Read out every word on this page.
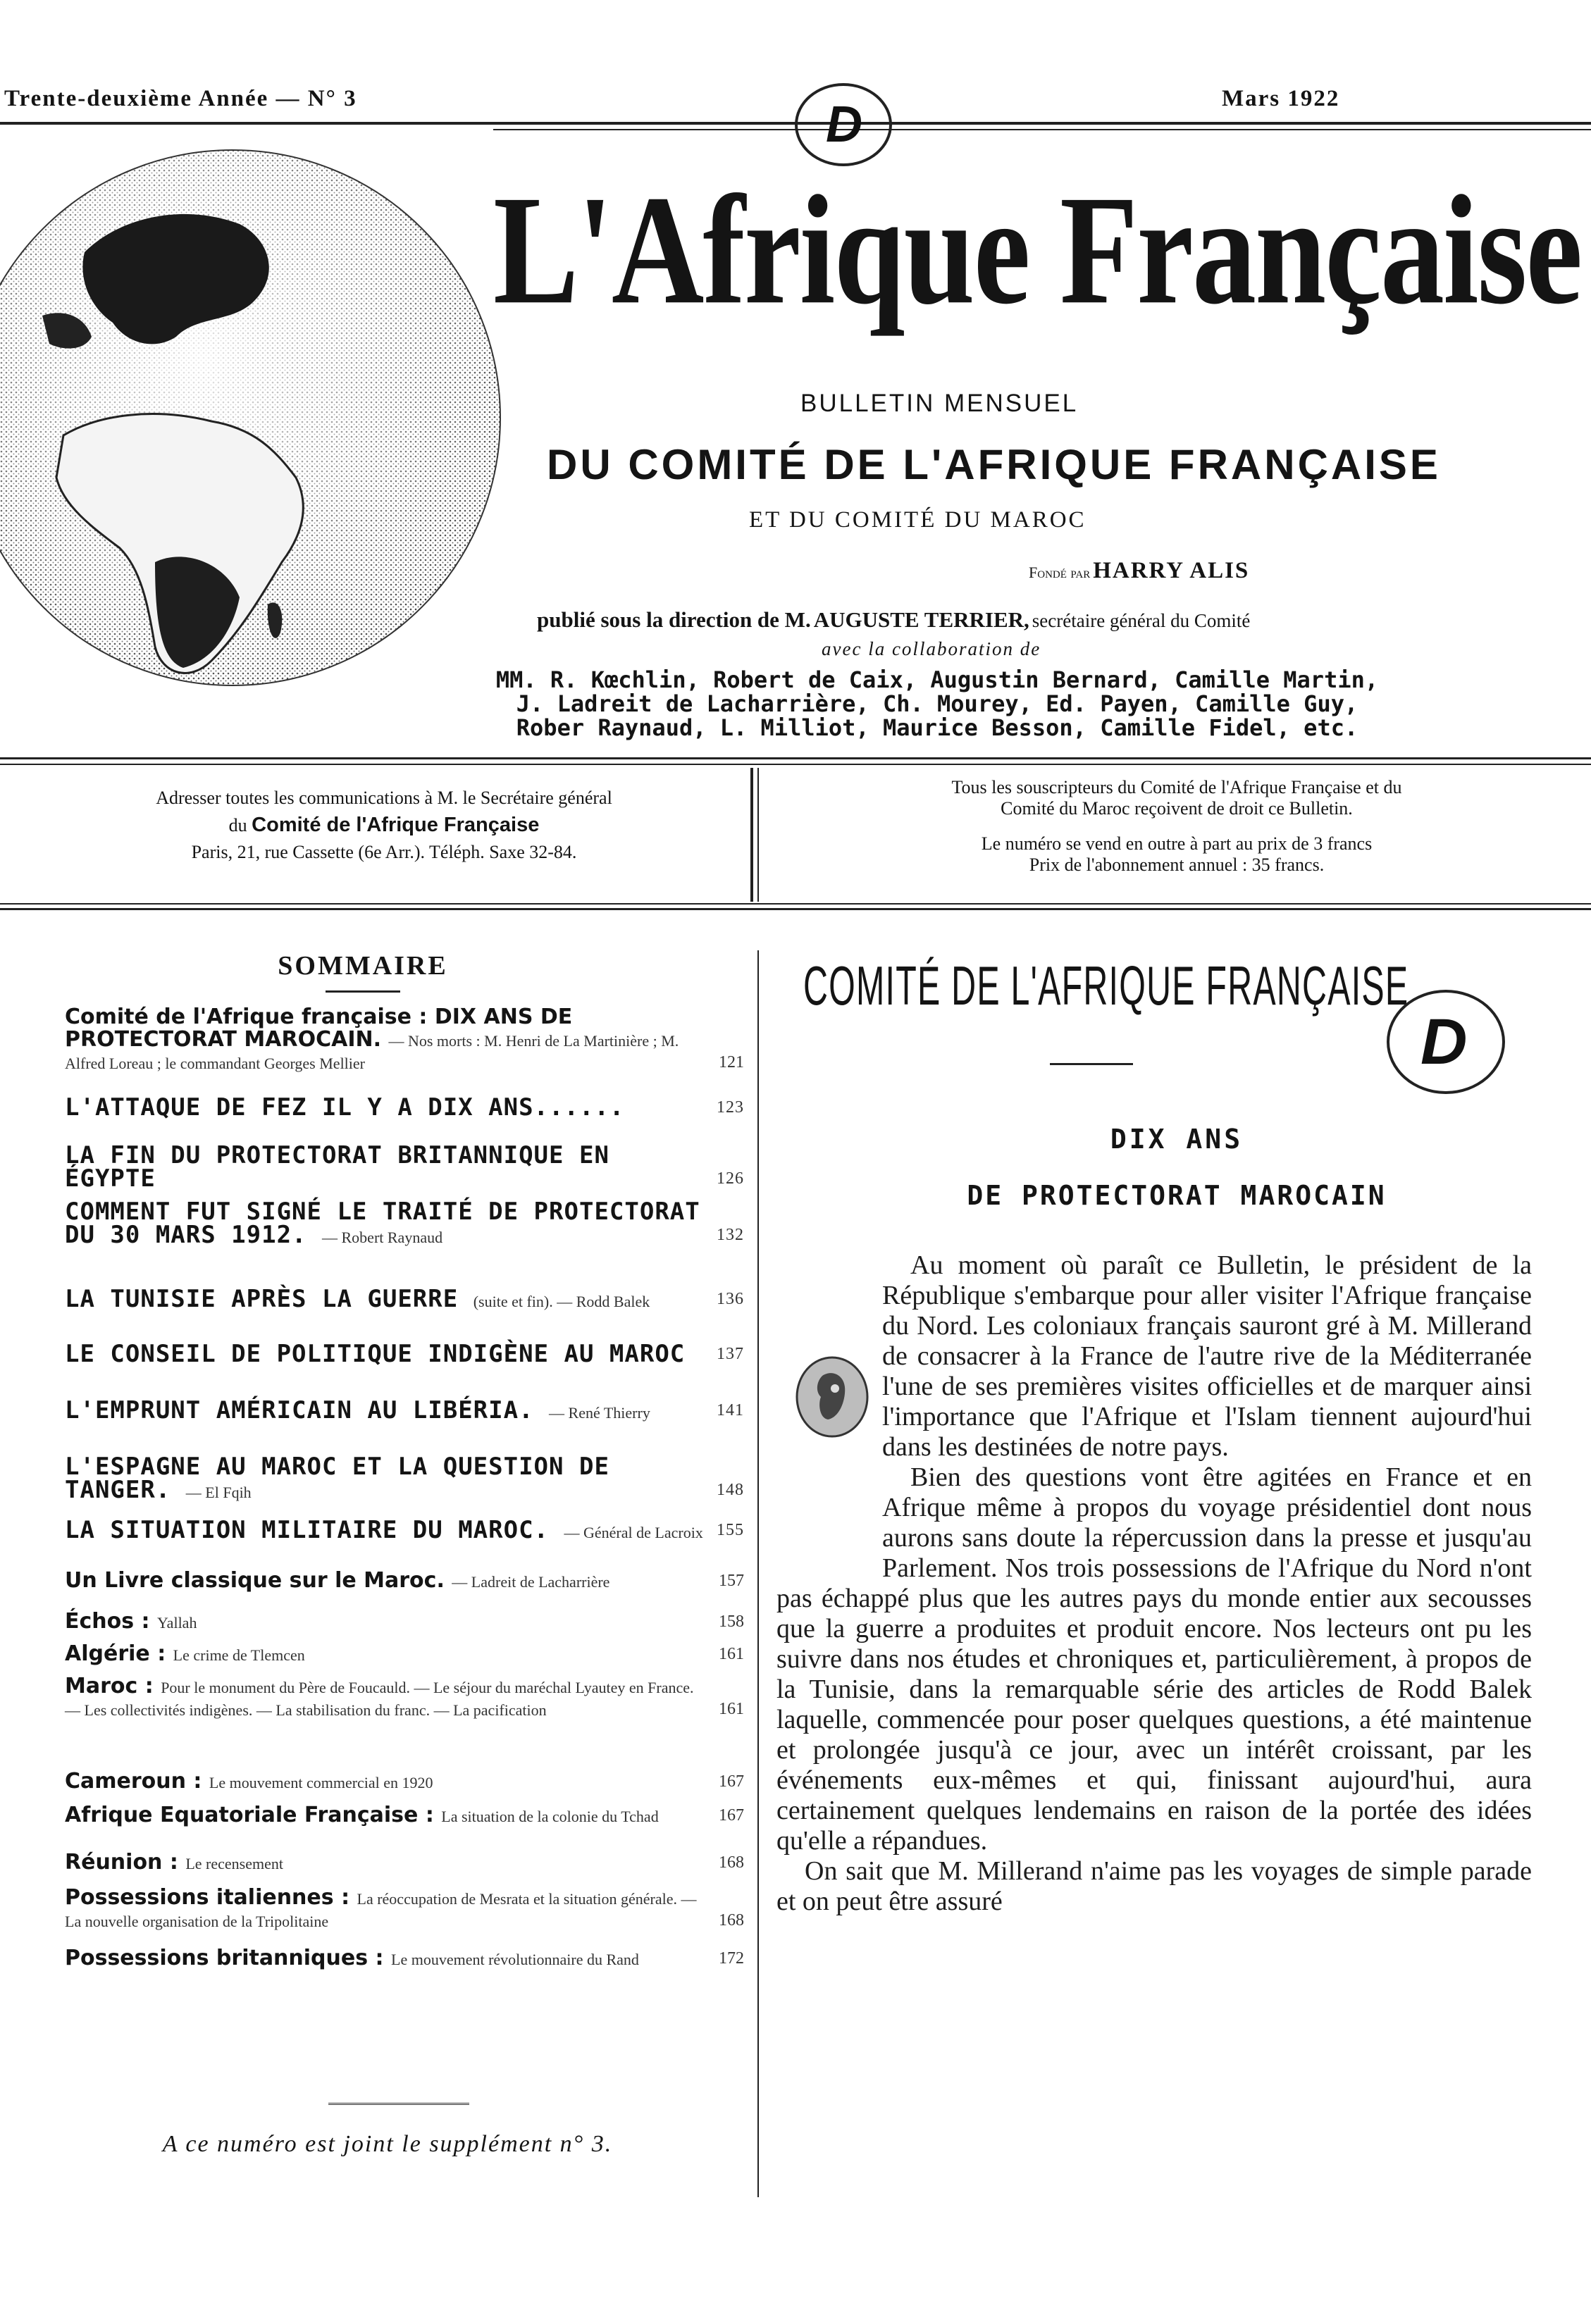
Trente-deuxième Année — N° 3	Mars 1922
D
L'Afrique Française
BULLETIN MENSUEL
DU COMITÉ DE L'AFRIQUE FRANÇAISE
ET DU COMITÉ DU MAROC
Fondé par HARRY ALIS
publié sous la direction de M. AUGUSTE TERRIER, secrétaire général du Comité
avec la collaboration de
MM. R. Kœchlin, Robert de Caix, Augustin Bernard, Camille Martin,
J. Ladreit de Lacharrière, Ch. Mourey, Ed. Payen, Camille Guy,
Rober Raynaud, L. Milliot, Maurice Besson, Camille Fidel, etc.
Adresser toutes les communications à M. le Secrétaire général
du Comité de l'Afrique Française
Paris, 21, rue Cassette (6e Arr.). Téléph. Saxe 32-84.
Tous les souscripteurs du Comité de l'Afrique Française et du
Comité du Maroc reçoivent de droit ce Bulletin.
Le numéro se vend en outre à part au prix de 3 francs
Prix de l'abonnement annuel : 35 francs.
SOMMAIRE
Comité de l'Afrique française : DIX ANS DE PROTECTORAT MAROCAIN. — Nos morts : M. Henri de La Martinière ; M. Alfred Loreau ; le commandant Georges Mellier	121
L'ATTAQUE DE FEZ IL Y A DIX ANS......	123
LA FIN DU PROTECTORAT BRITANNIQUE EN ÉGYPTE	126
COMMENT FUT SIGNÉ LE TRAITÉ DE PROTECTORAT DU 30 MARS 1912. — Robert Raynaud	132
LA TUNISIE APRÈS LA GUERRE (suite et fin). — Rodd Balek	136
LE CONSEIL DE POLITIQUE INDIGÈNE AU MAROC 137
L'EMPRUNT AMÉRICAIN AU LIBÉRIA. — René Thierry	141
L'ESPAGNE AU MAROC ET LA QUESTION DE TANGER. — El Fqih	148
LA SITUATION MILITAIRE DU MAROC. — Général de Lacroix 155
Un Livre classique sur le Maroc. — Ladreit de Lacharrière	157
Échos : Yallah	158
Algérie : Le crime de Tlemcen	161
Maroc : Pour le monument du Père de Foucauld. — Le séjour du maréchal Lyautey en France. — Les collectivités indigènes. — La stabilisation du franc. — La pacification	161
Cameroun : Le mouvement commercial en 1920	167
Afrique Equatoriale Française : La situation de la colonie du Tchad	167
Réunion : Le recensement	168
Possessions italiennes : La réoccupation de Mesrata et la situation générale. — La nouvelle organisation de la Tripolitaine	168
Possessions britanniques : Le mouvement révolutionnaire du Rand	172
A ce numéro est joint le supplément n° 3.
COMITÉ DE L'AFRIQUE FRANÇAISE
D
DIX ANS
DE PROTECTORAT MAROCAIN

Au moment où paraît ce Bulletin, le président de la République s'embarque pour aller visiter l'Afrique française du Nord. Les coloniaux français sauront gré à M. Millerand de consacrer à la France de l'autre rive de la Méditerranée l'une de ses premières visites officielles et de marquer ainsi l'importance que l'Afrique et l'Islam tiennent aujourd'hui dans les destinées de notre pays.

Bien des questions vont être agitées en France et en Afrique même à propos du voyage présidentiel dont nous aurons sans doute la répercussion dans la presse et jusqu'au Parlement. Nos trois possessions de l'Afrique du Nord n'ont pas échappé plus que les autres pays du monde entier aux secousses que la guerre a produites et produit encore. Nos lecteurs ont pu les suivre dans nos études et chroniques et, particulièrement, à propos de la Tunisie, dans la remarquable série des articles de Rodd Balek laquelle, commencée pour poser quelques questions, a été maintenue et prolongée jusqu'à ce jour, avec un intérêt croissant, par les événements eux-mêmes et qui, finissant aujourd'hui, aura certainement quelques lendemains en raison de la portée des idées qu'elle a répandues.

On sait que M. Millerand n'aime pas les voyages de simple parade et on peut être assuré
